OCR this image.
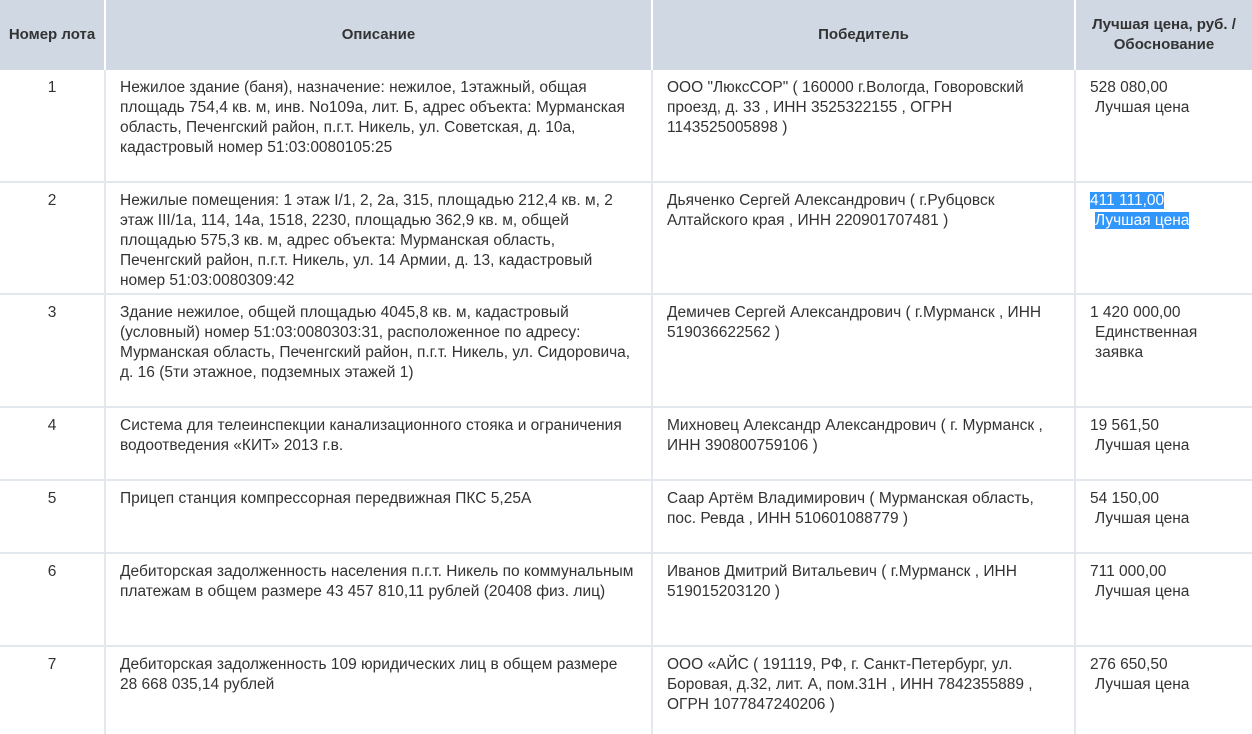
Номер лота	Описание	Победитель	Лучшая цена, руб. / Обоснование
1	Нежилое здание (баня), назначение: нежилое, 1этажный, общая площадь 754,4 кв. м, инв. No109а, лит. Б, адрес объекта: Мурманская область, Печенгский район, п.г.т. Никель, ул. Советская, д. 10а, кадастровый номер 51:03:0080105:25	ООО "ЛюксСОР" ( 160000 г.Вологда, Говоровский проезд, д. 33 , ИНН 3525322155 , ОГРН 1143525005898 )	528 080,00
Лучшая цена

2	Нежилые помещения: 1 этаж I/1, 2, 2а, 315, площадью 212,4 кв. м, 2 этаж III/1а, 114, 14а, 1518, 2230, площадью 362,9 кв. м, общей площадью 575,3 кв. м, адрес объекта: Мурманская область, Печенгский район, п.г.т. Никель, ул. 14 Армии, д. 13, кадастровый номер 51:03:0080309:42	Дьяченко Сергей Александрович ( г.Рубцовск Алтайского края , ИНН 220901707481 )	411 111,00
Лучшая цена

3	Здание нежилое, общей площадью 4045,8 кв. м, кадастровый (условный) номер 51:03:0080303:31, расположенное по адресу: Мурманская область, Печенгский район, п.г.т. Никель, ул. Сидоровича, д. 16 (5ти этажное, подземных этажей 1)	Демичев Сергей Александрович ( г.Мурманск , ИНН 519036622562 )	1 420 000,00
Единственная заявка

4	Система для телеинспекции канализационного стояка и ограничения водоотведения «КИТ» 2013 г.в.	Михновец Александр Александрович ( г. Мурманск , ИНН 390800759106 )	19 561,50
Лучшая цена

5	Прицеп станция компрессорная передвижная ПКС 5,25А	Саар Артём Владимирович ( Мурманская область, пос. Ревда , ИНН 510601088779 )	54 150,00
Лучшая цена

6	Дебиторская задолженность населения п.г.т. Никель по коммунальным платежам в общем размере 43 457 810,11 рублей (20408 физ. лиц)	Иванов Дмитрий Витальевич ( г.Мурманск , ИНН 519015203120 )	711 000,00
Лучшая цена

7	Дебиторская задолженность 109 юридических лиц в общем размере 28 668 035,14 рублей	ООО «АЙС ( 191119, РФ, г. Санкт-Петербург, ул. Боровая, д.32, лит. А, пом.31Н , ИНН 7842355889 , ОГРН 1077847240206 )	276 650,50
Лучшая цена
